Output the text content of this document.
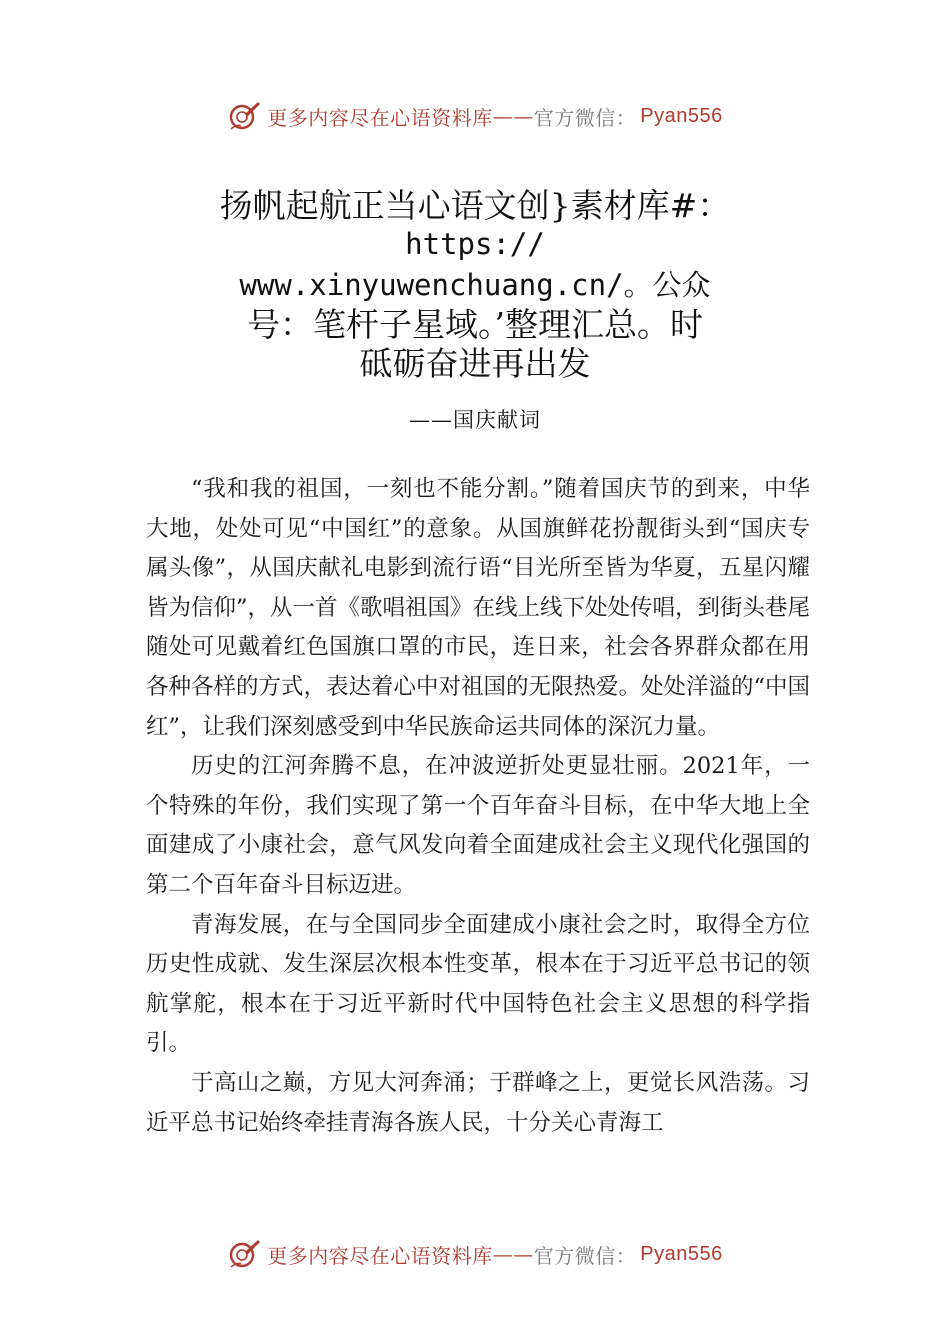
更多内容尽在心语资料库 —— 官方微信： Pyan556
扬帆起航正当心语文创}素材库#：
https://
www.xinyuwenchuang.cn/。公众
号：笔杆子星域。’整理汇总。时
砥砺奋进再出发
——国庆献词

“我和我的祖国，一刻也不能分割。”随着国庆节的到来，中华大地，处处可见“中国红”的意象。从国旗鲜花扮靓街头到“国庆专属头像”，从国庆献礼电影到流行语“目光所至皆为华夏，五星闪耀皆为信仰”，从一首《歌唱祖国》在线上线下处处传唱，到街头巷尾随处可见戴着红色国旗口罩的市民，连日来，社会各界群众都在用各种各样的方式，表达着心中对祖国的无限热爱。处处洋溢的“中国红”，让我们深刻感受到中华民族命运共同体的深沉力量。

历史的江河奔腾不息，在冲波逆折处更显壮丽。2021年，一个特殊的年份，我们实现了第一个百年奋斗目标，在中华大地上全面建成了小康社会，意气风发向着全面建成社会主义现代化强国的第二个百年奋斗目标迈进。

青海发展，在与全国同步全面建成小康社会之时，取得全方位历史性成就、发生深层次根本性变革，根本在于习近平总书记的领航掌舵，根本在于习近平新时代中国特色社会主义思想的科学指引。

于高山之巅，方见大河奔涌；于群峰之上，更觉长风浩荡。习近平总书记始终牵挂青海各族人民，十分关心青海工

更多内容尽在心语资料库 —— 官方微信： Pyan556
